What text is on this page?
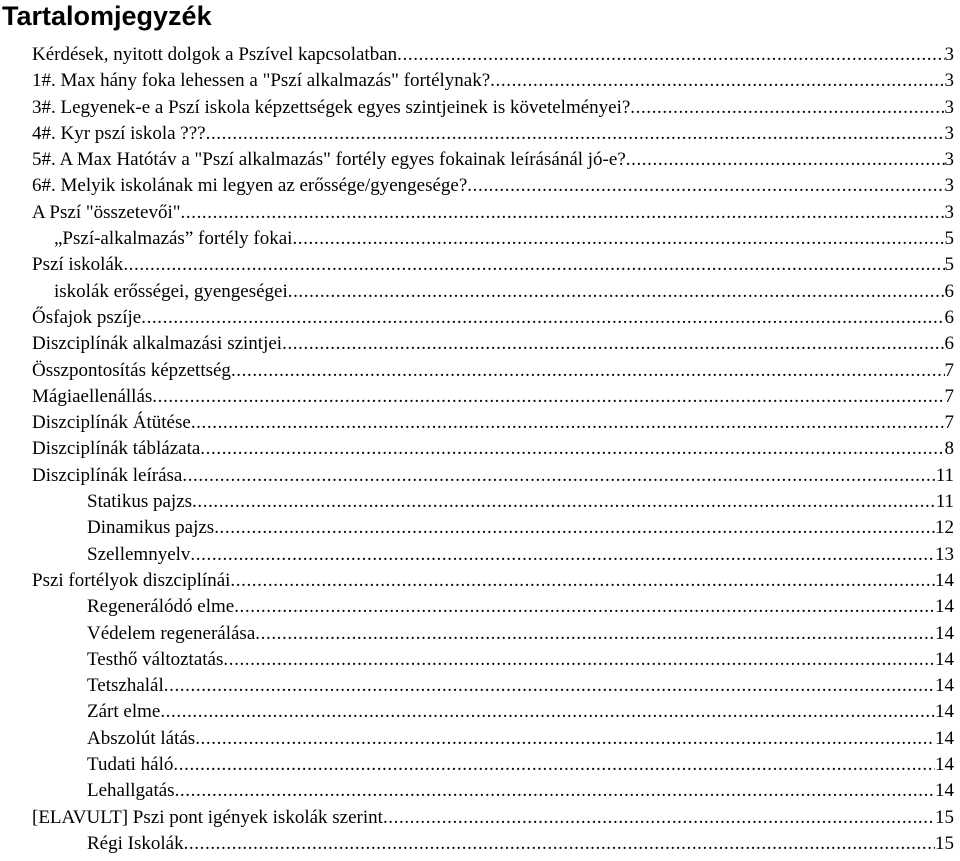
Tartalomjegyzék
Kérdések, nyitott dolgok a Pszível kapcsolatban .....	3
1#. Max hány foka lehessen a "Pszí alkalmazás" fortélynak? .....	3
3#. Legyenek-e a Pszí iskola képzettségek egyes szintjeinek is követelményei? .....	3
4#. Kyr pszí iskola ??? .....	3
5#. A Max Hatótáv a "Pszí alkalmazás" fortély egyes fokainak leírásánál jó-e? .....	3
6#. Melyik iskolának mi legyen az erőssége/gyengesége? .....	3
A Pszí "összetevői" .....	3
„Pszí-alkalmazás” fortély fokai .....	5
Pszí iskolák .....	5
iskolák erősségei, gyengeségei .....	6
Ősfajok pszíje .....	6
Diszciplínák alkalmazási szintjei .....	6
Összpontosítás képzettség .....	7
Mágiaellenállás .....	7
Diszciplínák Átütése .....	7
Diszciplínák táblázata .....	8
Diszciplínák leírása .....	11
Statikus pajzs .....	11
Dinamikus pajzs .....	12
Szellemnyelv .....	13
Pszi fortélyok diszciplínái .....	14
Regenerálódó elme .....	14
Védelem regenerálása .....	14
Testhő változtatás .....	14
Tetszhalál .....	14
Zárt elme .....	14
Abszolút látás .....	14
Tudati háló .....	14
Lehallgatás .....	14
[ELAVULT] Pszi pont igények iskolák szerint .....	15
Régi Iskolák .....	15
